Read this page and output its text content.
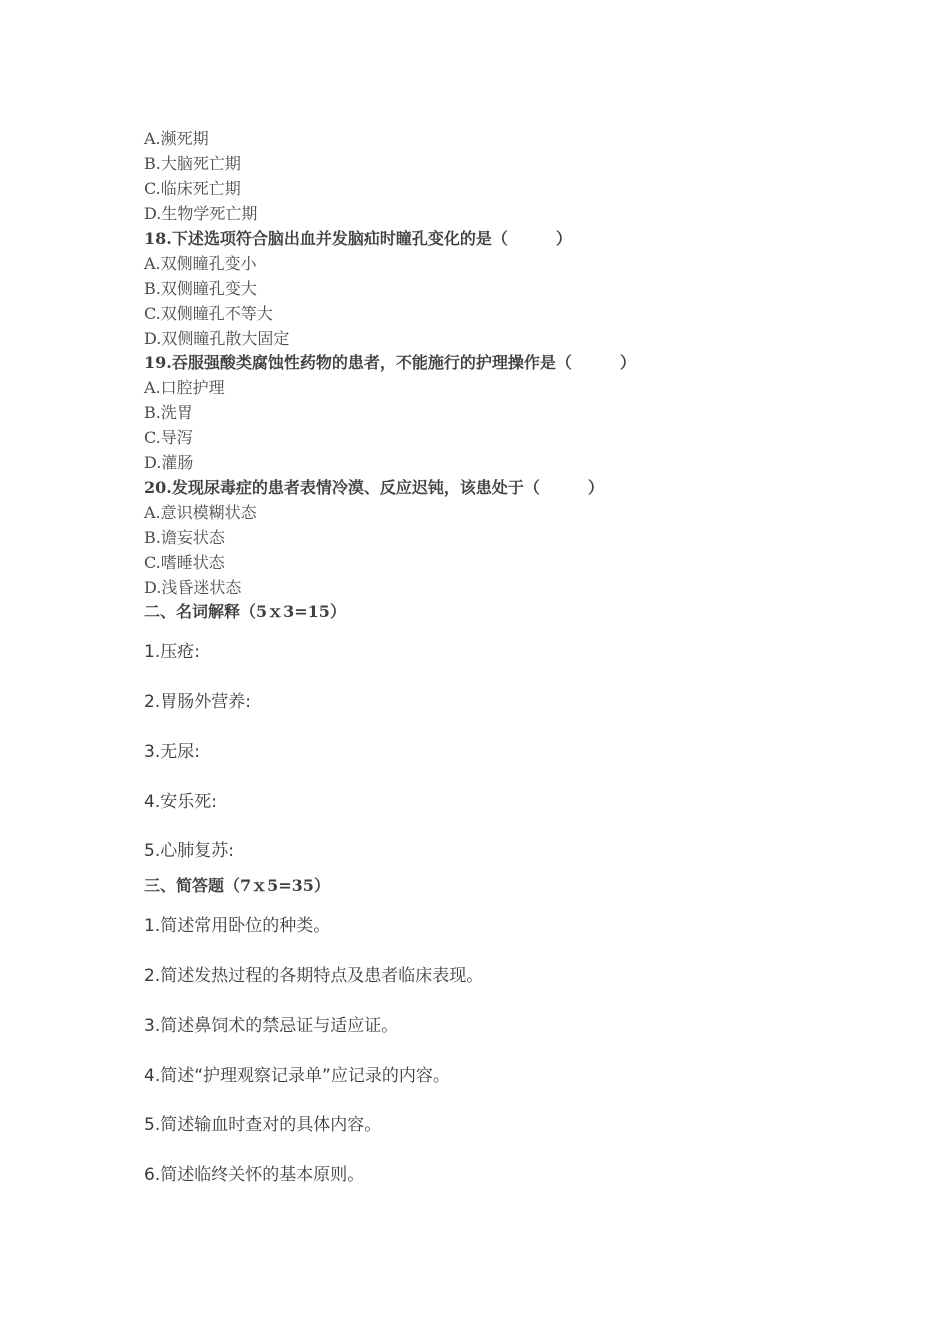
A.濒死期
B.大脑死亡期
C.临床死亡期
D.生物学死亡期
18.下述选项符合脑出血并发脑疝时瞳孔变化的是（　　　）
A.双侧瞳孔变小
B.双侧瞳孔变大
C.双侧瞳孔不等大
D.双侧瞳孔散大固定
19.吞服强酸类腐蚀性药物的患者，不能施行的护理操作是（　　　）
A.口腔护理
B.洗胃
C.导泻
D.灌肠
20.发现尿毒症的患者表情冷漠、反应迟钝，该患处于（　　　）
A.意识模糊状态
B.谵妄状态
C.嗜睡状态
D.浅昏迷状态
二、名词解释（5ｘ3=15）
1.压疮:
2.胃肠外营养:
3.无尿:
4.安乐死:
5.心肺复苏:
三、简答题（7ｘ5=35）
1.简述常用卧位的种类。
2.简述发热过程的各期特点及患者临床表现。
3.简述鼻饲术的禁忌证与适应证。
4.简述“护理观察记录单”应记录的内容。
5.简述输血时查对的具体内容。
6.简述临终关怀的基本原则。
